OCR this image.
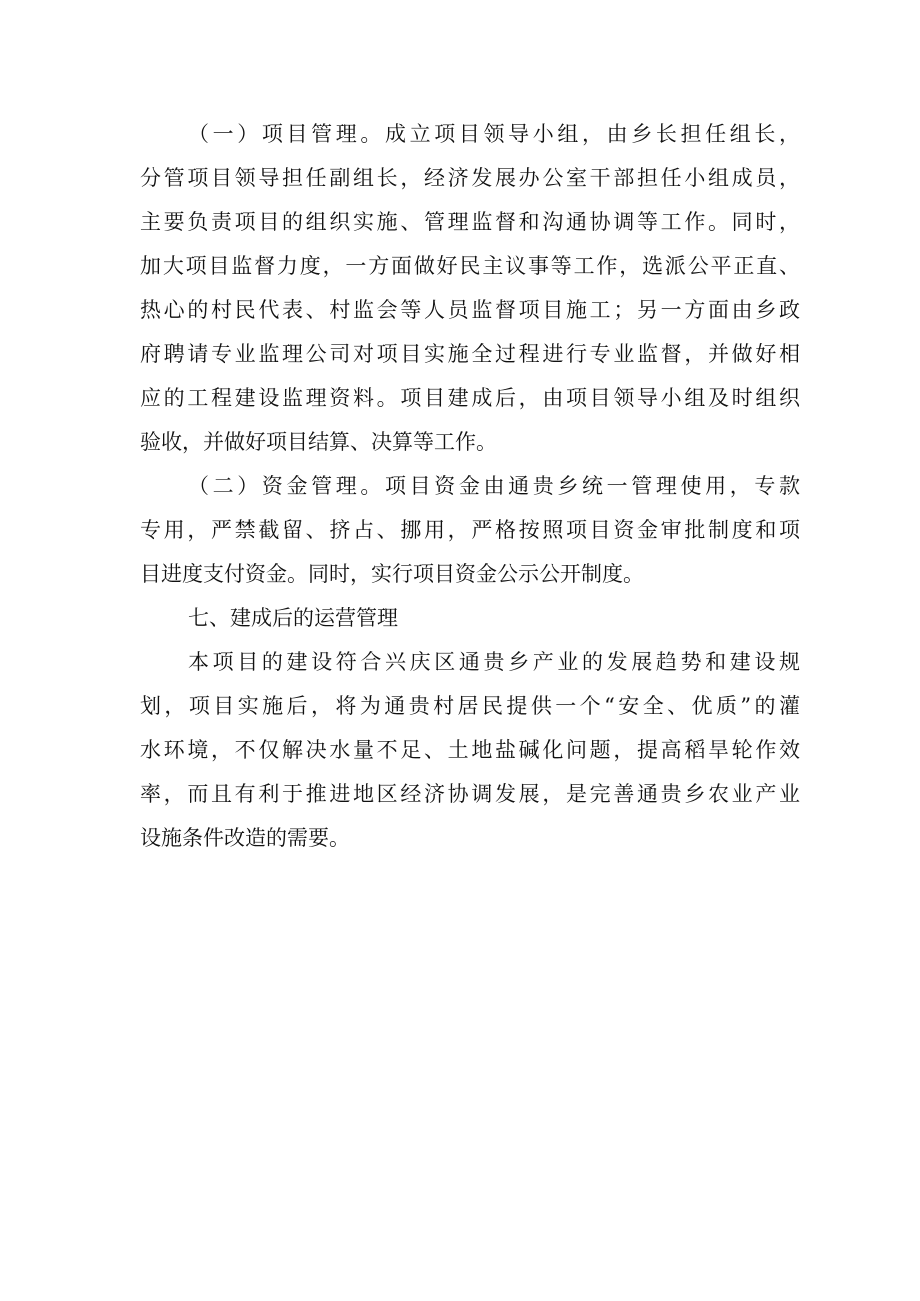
（一）项目管理。成立项目领导小组，由乡长担任组长，

分管项目领导担任副组长，经济发展办公室干部担任小组成员，

主要负责项目的组织实施、管理监督和沟通协调等工作。同时，

加大项目监督力度，一方面做好民主议事等工作，选派公平正直、

热心的村民代表、村监会等人员监督项目施工；另一方面由乡政

府聘请专业监理公司对项目实施全过程进行专业监督，并做好相

应的工程建设监理资料。项目建成后，由项目领导小组及时组织

验收，并做好项目结算、决算等工作。

（二）资金管理。项目资金由通贵乡统一管理使用，专款

专用，严禁截留、挤占、挪用，严格按照项目资金审批制度和项

目进度支付资金。同时，实行项目资金公示公开制度。

七、建成后的运营管理

本项目的建设符合兴庆区通贵乡产业的发展趋势和建设规

划，项目实施后，将为通贵村居民提供一个“安全、优质”的灌

水环境，不仅解决水量不足、土地盐碱化问题，提高稻旱轮作效

率，而且有利于推进地区经济协调发展，是完善通贵乡农业产业

设施条件改造的需要。
